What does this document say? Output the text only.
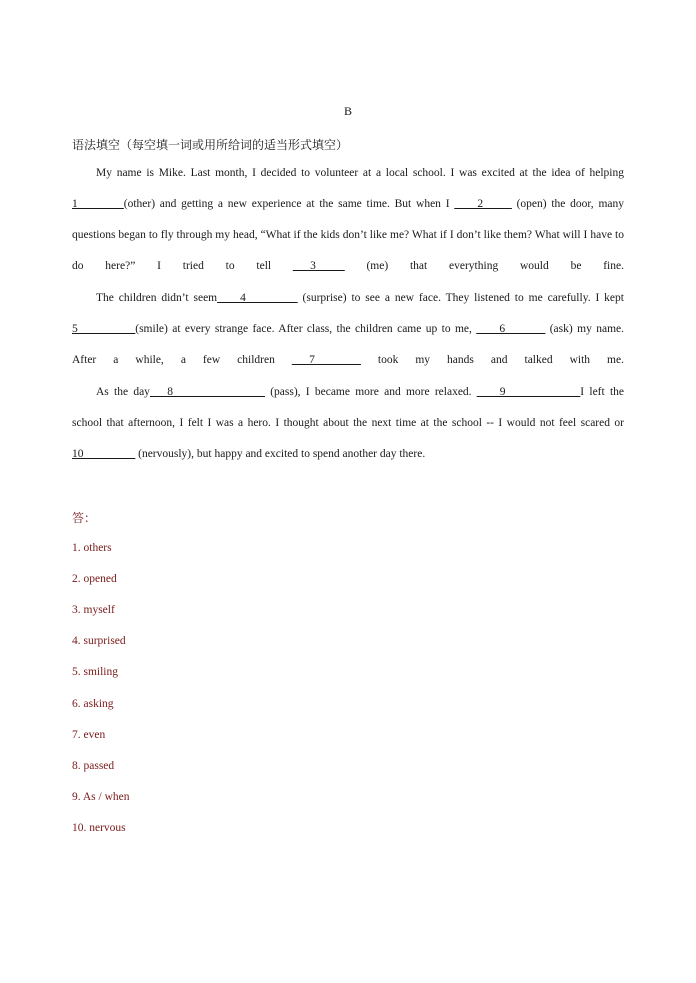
B
语法填空（每空填一词或用所给词的适当形式填空）
My name is Mike. Last month, I decided to volunteer at a local school. I was excited at the idea of helping 1________(other) and getting a new experience at the same time. But when I ____2_____ (open) the door, many questions began to fly through my head, “What if the kids don’t like me? What if I don’t like them? What will I have to do here?” I tried to tell ___3_____ (me) that everything would be fine.
The children didn’t seem____4_________ (surprise) to see a new face. They listened to me carefully. I kept 5__________(smile) at every strange face. After class, the children came up to me, ____6_______ (ask) my name. After a while, a few children ___7________ took my hands and talked with me.
As the day___8________________ (pass), I became more and more relaxed. ____9_____________I left the school that afternoon, I felt I was a hero. I thought about the next time at the school -- I would not feel scared or 10_________ (nervously), but happy and excited to spend another day there.
答：
1. others
2. opened
3. myself
4. surprised
5. smiling
6. asking
7. even
8. passed
9. As / when
10. nervous
